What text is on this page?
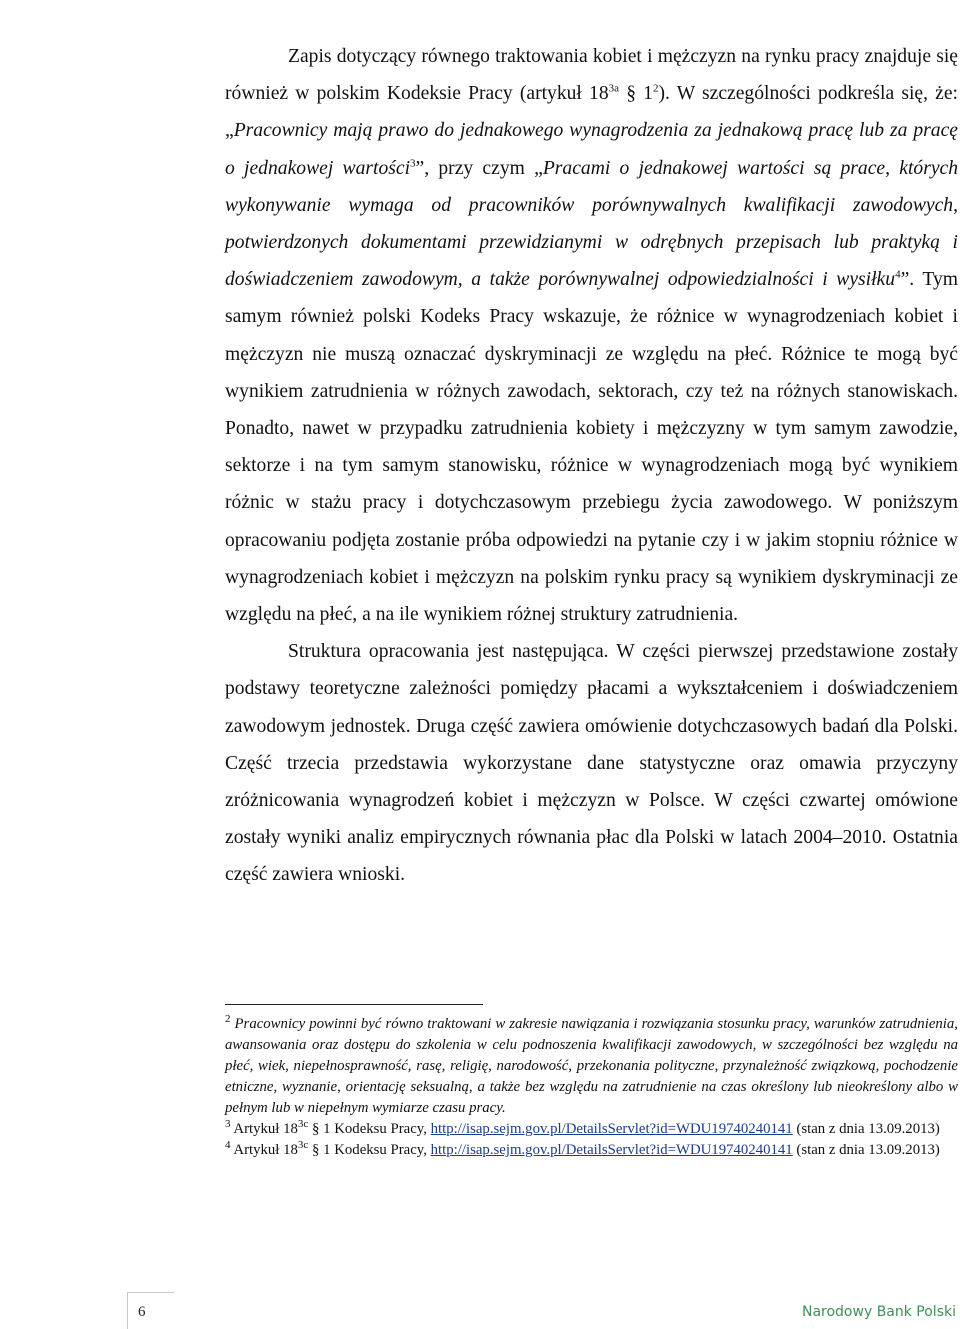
Zapis dotyczący równego traktowania kobiet i mężczyzn na rynku pracy znajduje się również w polskim Kodeksie Pracy (artykuł $18^{3a}$ § $1^2$). W szczególności podkreśla się, że: „Pracownicy mają prawo do jednakowego wynagrodzenia za jednakową pracę lub za pracę o jednakowej wartości$^3$”, przy czym „Pracami o jednakowej wartości są prace, których wykonywanie wymaga od pracowników porównywalnych kwalifikacji zawodowych, potwierdzonych dokumentami przewidzianymi w odrębnych przepisach lub praktyką i doświadczeniem zawodowym, a także porównywalnej odpowiedzialności i wysiłku$^4$”. Tym samym również polski Kodeks Pracy wskazuje, że różnice w wynagrodzeniach kobiet i mężczyzn nie muszą oznaczać dyskryminacji ze względu na płeć. Różnice te mogą być wynikiem zatrudnienia w różnych zawodach, sektorach, czy też na różnych stanowiskach. Ponadto, nawet w przypadku zatrudnienia kobiety i mężczyzny w tym samym zawodzie, sektorze i na tym samym stanowisku, różnice w wynagrodzeniach mogą być wynikiem różnic w stażu pracy i dotychczasowym przebiegu życia zawodowego. W poniższym opracowaniu podjęta zostanie próba odpowiedzi na pytanie czy i w jakim stopniu różnice w wynagrodzeniach kobiet i mężczyzn na polskim rynku pracy są wynikiem dyskryminacji ze względu na płeć, a na ile wynikiem różnej struktury zatrudnienia.

Struktura opracowania jest następująca. W części pierwszej przedstawione zostały podstawy teoretyczne zależności pomiędzy płacami a wykształceniem i doświadczeniem zawodowym jednostek. Druga część zawiera omówienie dotychczasowych badań dla Polski. Część trzecia przedstawia wykorzystane dane statystyczne oraz omawia przyczyny zróżnicowania wynagrodzeń kobiet i mężczyzn w Polsce. W części czwartej omówione zostały wyniki analiz empirycznych równania płac dla Polski w latach 2004–2010. Ostatnia część zawiera wnioski.

$^2$ Pracownicy powinni być równo traktowani w zakresie nawiązania i rozwiązania stosunku pracy, warunków zatrudnienia, awansowania oraz dostępu do szkolenia w celu podnoszenia kwalifikacji zawodowych, w szczególności bez względu na płeć, wiek, niepełnosprawność, rasę, religię, narodowość, przekonania polityczne, przynależność związkową, pochodzenie etniczne, wyznanie, orientację seksualną, a także bez względu na zatrudnienie na czas określony lub nieokreślony albo w pełnym lub w niepełnym wymiarze czasu pracy.

$^3$ Artykuł $18^{3c}$ § 1 Kodeksu Pracy, http://isap.sejm.gov.pl/DetailsServlet?id=WDU19740240141 (stan z dnia 13.09.2013)

$^4$ Artykuł $18^{3c}$ § 1 Kodeksu Pracy, http://isap.sejm.gov.pl/DetailsServlet?id=WDU19740240141 (stan z dnia 13.09.2013)

6	Narodowy Bank Polski
